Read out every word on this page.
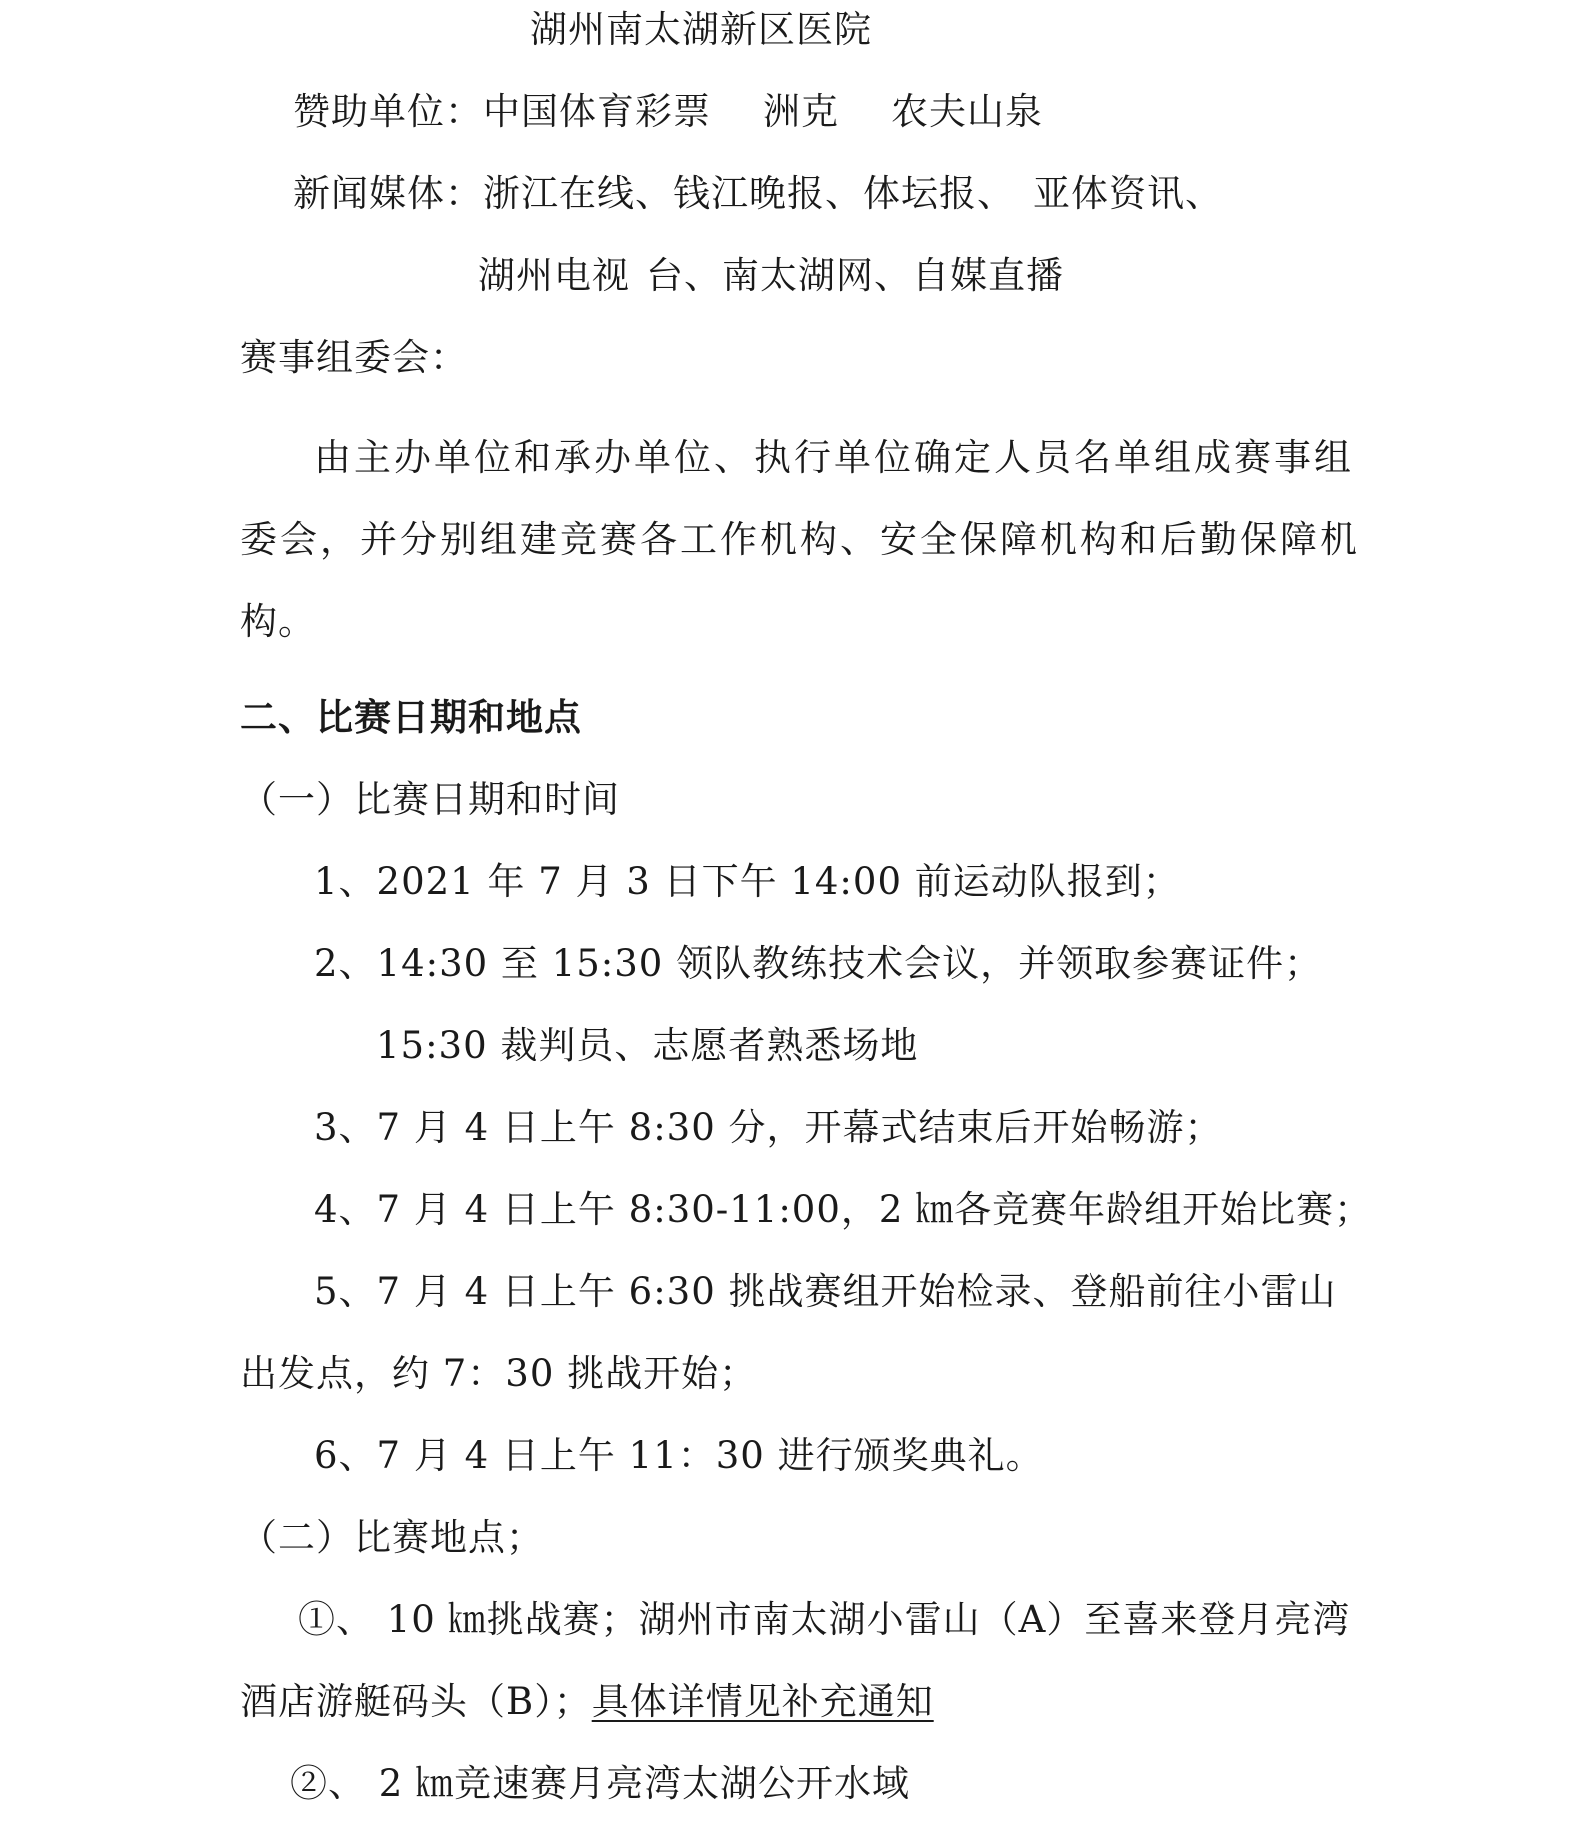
湖州南太湖新区医院
赞助单位：中国体育彩票 洲克 农夫山泉
新闻媒体：浙江在线、钱江晚报、体坛报、 亚体资讯、
湖州电视 台、南太湖网、自媒直播
赛事组委会：
由主办单位和承办单位、执行单位确定人员名单组成赛事组
委会，并分别组建竞赛各工作机构、安全保障机构和后勤保障机
构。
二、比赛日期和地点
（一）比赛日期和时间
1、2021 年 7 月 3 日下午 14:00 前运动队报到；
2、14:30 至 15:30 领队教练技术会议，并领取参赛证件；
15:30 裁判员、志愿者熟悉场地
3、7 月 4 日上午 8:30 分，开幕式结束后开始畅游；
4、7 月 4 日上午 8:30-11:00，2 ㎞各竞赛年龄组开始比赛；
5、7 月 4 日上午 6:30 挑战赛组开始检录、登船前往小雷山
出发点，约 7：30 挑战开始；
6、7 月 4 日上午 11：30 进行颁奖典礼。
（二）比赛地点；
①、 10 ㎞挑战赛；湖州市南太湖小雷山（A）至喜来登月亮湾
酒店游艇码头（B）；具体详情见补充通知
②、 2 ㎞竞速赛月亮湾太湖公开水域
